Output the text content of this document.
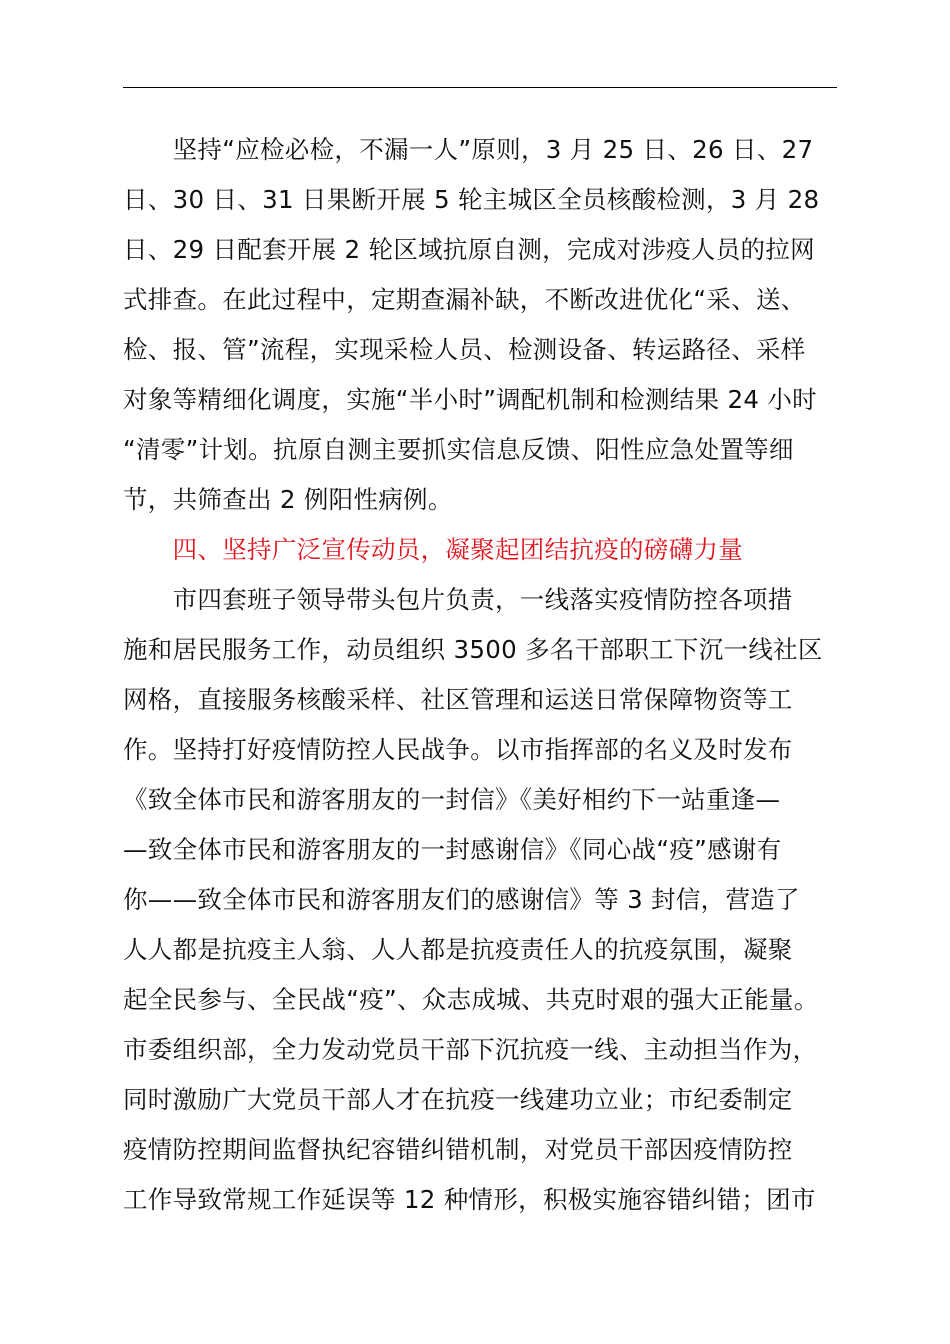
　　坚持“应检必检，不漏一人”原则，3 月 25 日、26 日、27
日、30 日、31 日果断开展 5 轮主城区全员核酸检测，3 月 28
日、29 日配套开展 2 轮区域抗原自测，完成对涉疫人员的拉网
式排查。在此过程中，定期查漏补缺，不断改进优化“采、送、
检、报、管”流程，实现采检人员、检测设备、转运路径、采样
对象等精细化调度，实施“半小时”调配机制和检测结果 24 小时
“清零”计划。抗原自测主要抓实信息反馈、阳性应急处置等细
节，共筛查出 2 例阳性病例。
　　四、坚持广泛宣传动员，凝聚起团结抗疫的磅礴力量
　　市四套班子领导带头包片负责，一线落实疫情防控各项措
施和居民服务工作，动员组织 3500 多名干部职工下沉一线社区
网格，直接服务核酸采样、社区管理和运送日常保障物资等工
作。坚持打好疫情防控人民战争。以市指挥部的名义及时发布
《致全体市民和游客朋友的一封信》《美好相约下一站重逢—
—致全体市民和游客朋友的一封感谢信》《同心战“疫”感谢有
你——致全体市民和游客朋友们的感谢信》等 3 封信，营造了
人人都是抗疫主人翁、人人都是抗疫责任人的抗疫氛围，凝聚
起全民参与、全民战“疫”、众志成城、共克时艰的强大正能量。
市委组织部，全力发动党员干部下沉抗疫一线、主动担当作为，
同时激励广大党员干部人才在抗疫一线建功立业；市纪委制定
疫情防控期间监督执纪容错纠错机制，对党员干部因疫情防控
工作导致常规工作延误等 12 种情形，积极实施容错纠错；团市
